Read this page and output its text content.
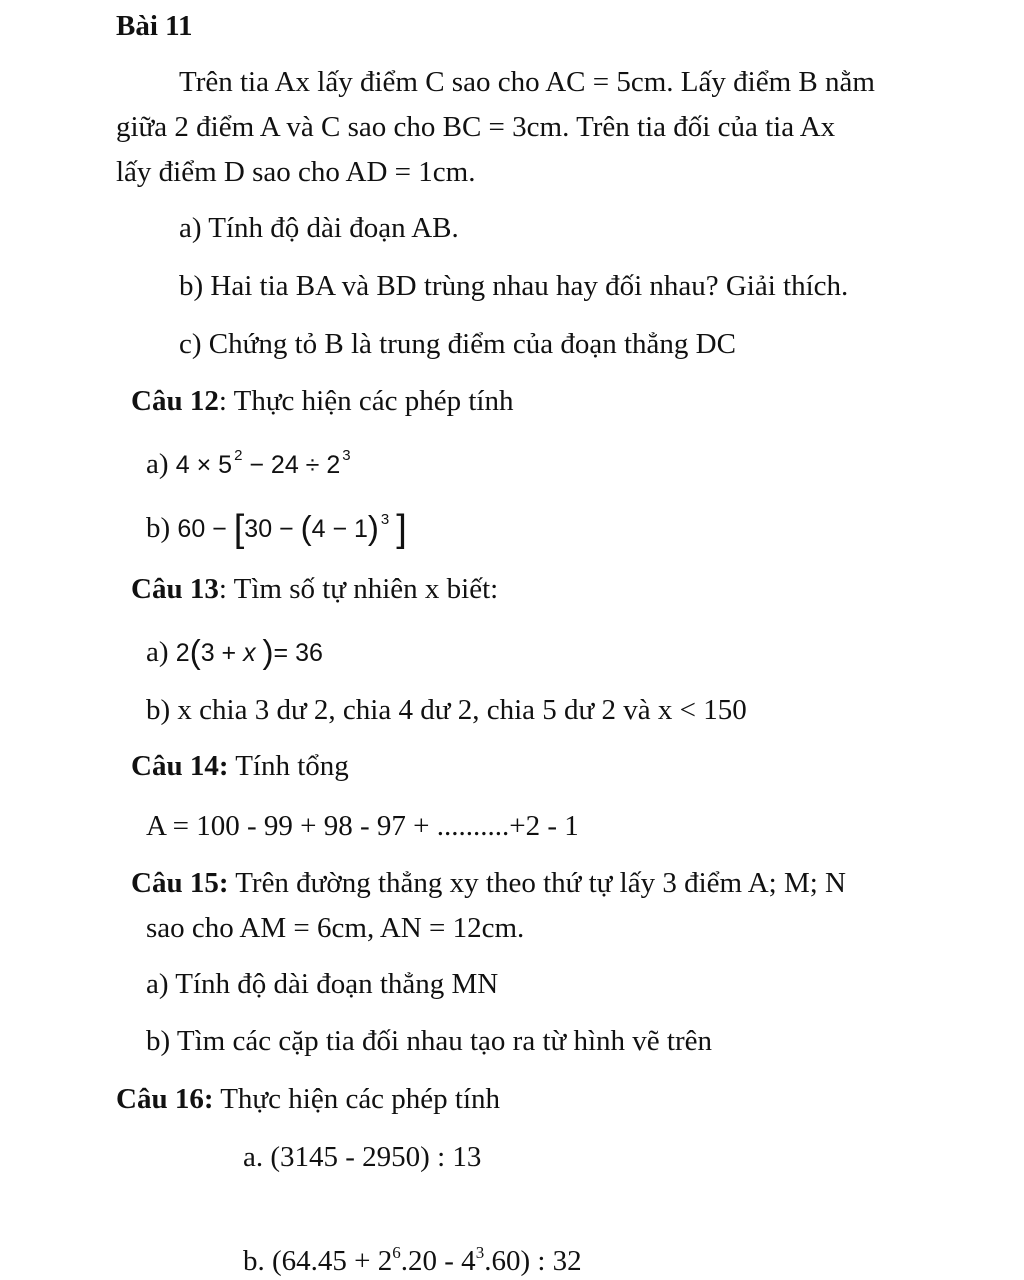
Bài 11
Trên tia Ax lấy điểm C sao cho AC = 5cm. Lấy điểm B nằm
giữa 2 điểm A và C sao cho BC = 3cm. Trên tia đối của tia Ax
lấy điểm D sao cho AD = 1cm.
a) Tính độ dài đoạn AB.
b) Hai tia BA và BD trùng nhau hay đối nhau? Giải thích.
c) Chứng tỏ B là trung điểm của đoạn thẳng DC
Câu 12: Thực hiện các phép tính
a) 4 × 5 $^2$ − 24 ÷ 2 $^3$
b) 60 − [30 − (4 − 1) $^3$ ]
Câu 13: Tìm số tự nhiên x biết:
a) 2(3 + x )= 36
b) x chia 3 dư 2, chia 4 dư 2, chia 5 dư 2 và x < 150
Câu 14: Tính tổng
A = 100 - 99 + 98 - 97 + ..........+2 - 1
Câu 15: Trên đường thẳng xy theo thứ tự lấy 3 điểm A; M; N
sao cho AM = 6cm, AN = 12cm.
a) Tính độ dài đoạn thẳng MN
b) Tìm các cặp tia đối nhau tạo ra từ hình vẽ trên
Câu 16: Thực hiện các phép tính
a. (3145 - 2950) : 13
b. $(64.45 + 2^6.20 - 4^3.60)$ : 32
